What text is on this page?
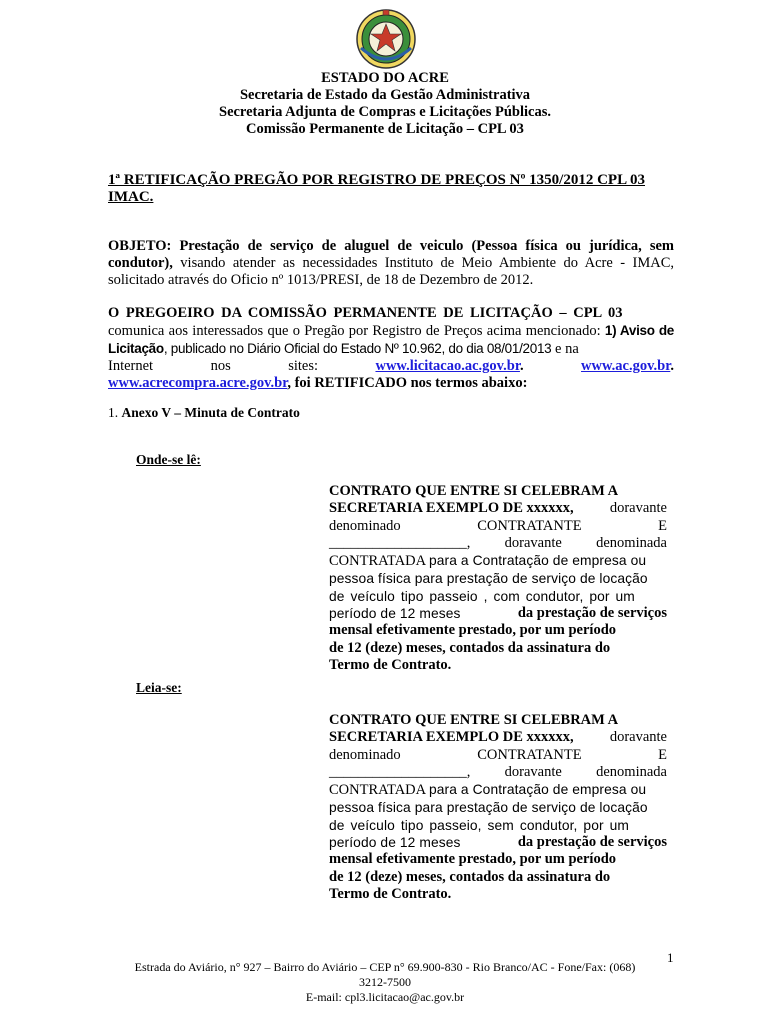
ESTADO DO ACRE
Secretaria de Estado da Gestão Administrativa
Secretaria Adjunta de Compras e Licitações Públicas.
Comissão Permanente de Licitação – CPL 03
1ª RETIFICAÇÃO PREGÃO POR REGISTRO DE PREÇOS Nº 1350/2012 CPL 03
IMAC.
OBJETO: Prestação de serviço de aluguel de veiculo (Pessoa física ou jurídica, sem condutor), visando atender as necessidades Instituto de Meio Ambiente do Acre - IMAC, solicitado através do Oficio nº 1013/PRESI, de 18 de Dezembro de 2012.
O PREGOEIRO DA COMISSÃO PERMANENTE DE LICITAÇÃO – CPL 03
comunica aos interessados que o Pregão por Registro de Preços acima mencionado: 1) Aviso de Licitação, publicado no Diário Oficial do Estado Nº 10.962, do dia 08/01/2013 e na
Internet	nos	sites:	www.licitacao.ac.gov.br.	www.ac.gov.br.
www.acrecompra.acre.gov.br, foi RETIFICADO nos termos abaixo:
1. Anexo V – Minuta de Contrato
Onde-se lê:
CONTRATO QUE ENTRE SI CELEBRAM A
SECRETARIA EXEMPLO DE xxxxxx, doravante
denominado	CONTRATANTE	E
___________________, doravante denominada
CONTRATADA para a Contratação de empresa ou
pessoa física para prestação de serviço de locação
de veículo tipo passeio , com condutor, por um
período de 12 meses	da prestação de serviços
mensal efetivamente prestado, por um período
de 12 (deze) meses, contados da assinatura do
Termo de Contrato.
Leia-se:
CONTRATO QUE ENTRE SI CELEBRAM A
SECRETARIA EXEMPLO DE xxxxxx, doravante
denominado	CONTRATANTE	E
___________________, doravante denominada
CONTRATADA para a Contratação de empresa ou
pessoa física para prestação de serviço de locação
de veículo tipo passeio, sem condutor, por um
período de 12 meses	da prestação de serviços
mensal efetivamente prestado, por um período
de 12 (deze) meses, contados da assinatura do
Termo de Contrato.
1
Estrada do Aviário, n° 927 – Bairro do Aviário – CEP n° 69.900-830 - Rio Branco/AC - Fone/Fax: (068)
3212-7500
E-mail: cpl3.licitacao@ac.gov.br
